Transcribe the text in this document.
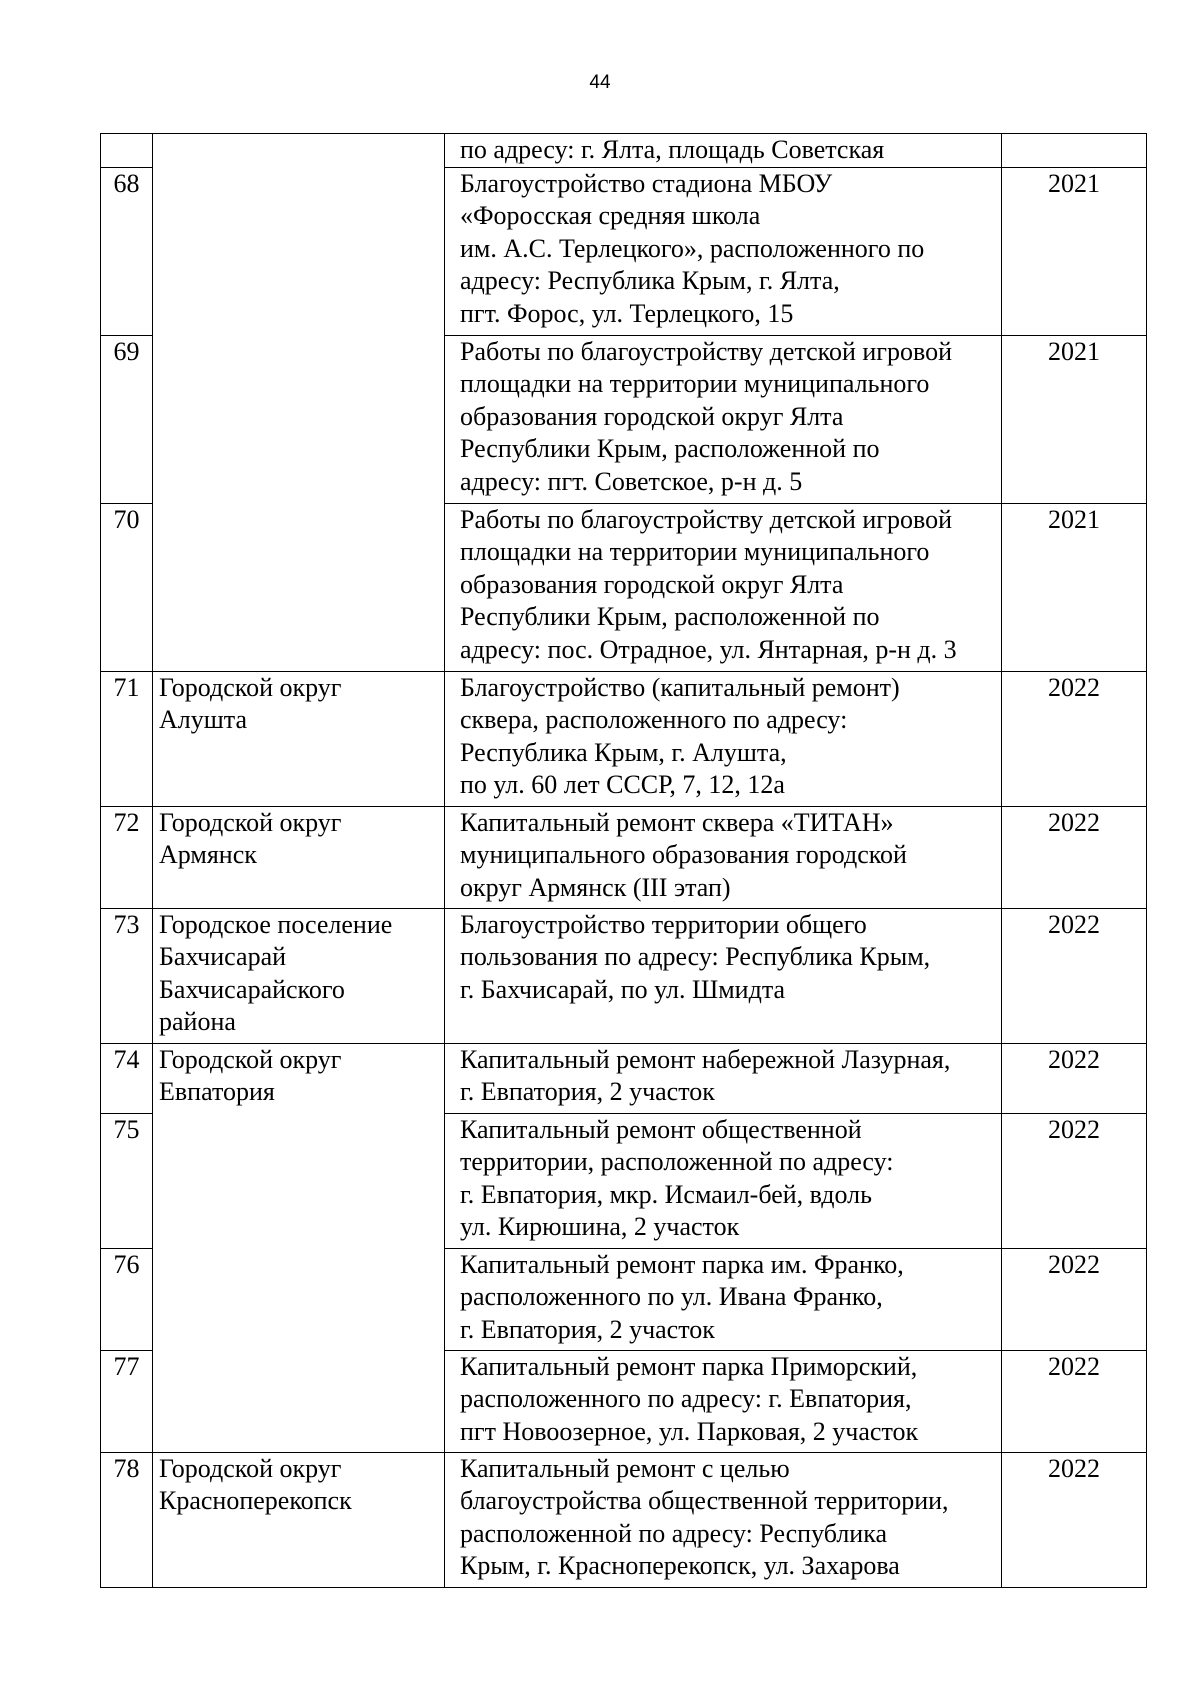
44

		по адресу: г. Ялта, площадь Советская	

68		Благоустройство стадиона МБОУ
«Форосская средняя школа
им. А.С. Терлецкого», расположенного по
адресу: Республика Крым, г. Ялта,
пгт. Форос, ул. Терлецкого, 15	2021
69		Работы по благоустройству детской игровой
площадки на территории муниципального
образования городской округ Ялта
Республики Крым, расположенной по
адресу: пгт. Советское, р-н д. 5	2021
70		Работы по благоустройству детской игровой
площадки на территории муниципального
образования городской округ Ялта
Республики Крым, расположенной по
адресу: пос. Отрадное, ул. Янтарная, р-н д. 3	2021
71	Городской округ
Алушта	Благоустройство (капитальный ремонт)
сквера, расположенного по адресу:
Республика Крым, г. Алушта,
по ул. 60 лет СССР, 7, 12, 12а	2022
72	Городской округ
Армянск	Капитальный ремонт сквера «ТИТАН»
муниципального образования городской
округ Армянск (III этап)	2022
73	Городское поселение
Бахчисарай
Бахчисарайского
района	Благоустройство территории общего
пользования по адресу: Республика Крым,
г. Бахчисарай, по ул. Шмидта	2022
74	Городской округ
Евпатория	Капитальный ремонт набережной Лазурная,
г. Евпатория, 2 участок	2022
75		Капитальный ремонт общественной
территории, расположенной по адресу:
г. Евпатория, мкр. Исмаил-бей, вдоль
ул. Кирюшина, 2 участок	2022
76		Капитальный ремонт парка им. Франко,
расположенного по ул. Ивана Франко,
г. Евпатория, 2 участок	2022
77		Капитальный ремонт парка Приморский,
расположенного по адресу: г. Евпатория,
пгт Новоозерное, ул. Парковая, 2 участок	2022
78	Городской округ
Красноперекопск	Капитальный ремонт с целью
благоустройства общественной территории,
расположенной по адресу: Республика
Крым, г. Красноперекопск, ул. Захарова	2022
